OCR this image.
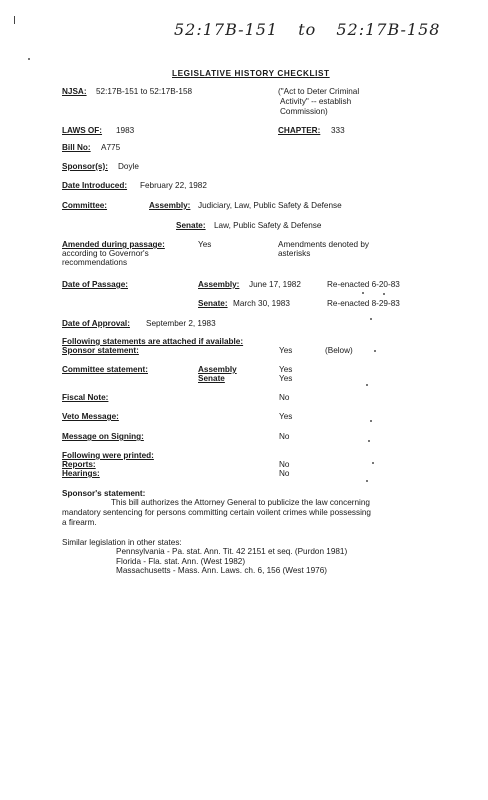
52:17B-151 to 52:17B-158
LEGISLATIVE HISTORY CHECKLIST
NJSA: 52:17B-151 to 52:17B-158	("Act to Deter Criminal
Activity" -- establish
Commission)
LAWS OF: 1983	CHAPTER: 333
Bill No: A775
Sponsor(s): Doyle
Date Introduced: February 22, 1982
Committee:	Assembly: Judiciary, Law, Public Safety & Defense
Senate: Law, Public Safety & Defense
Amended during passage:
according to Governor's
recommendations
Yes	Amendments denoted by
asterisks
Date of Passage:	Assembly: June 17, 1982	Re-enacted 6-20-83
Senate: March 30, 1983	Re-enacted 8-29-83
Date of Approval: September 2, 1983
Following statements are attached if available:
Sponsor statement:	Yes	(Below)
Committee statement:	Assembly	Yes
Senate	Yes
Fiscal Note:	No
Veto Message:	Yes
Message on Signing:	No
Following were printed:
Reports:	No
Hearings:	No
Sponsor's statement:
This bill authorizes the Attorney General to publicize the law concerning
mandatory sentencing for persons committing certain voilent crimes while possessing
a firearm.
Similar legislation in other states:
Pennsylvania - Pa. stat. Ann. Tit. 42 2151 et seq. (Purdon 1981)
Florida - Fla. stat. Ann. (West 1982)
Massachusetts - Mass. Ann. Laws. ch. 6, 156 (West 1976)
